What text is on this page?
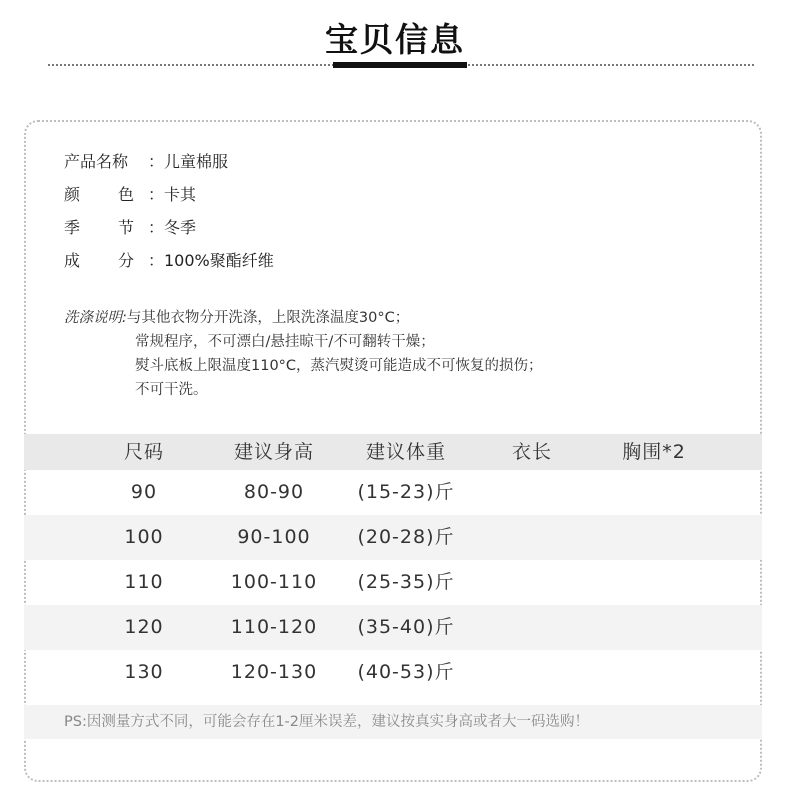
宝贝信息
产品名称	： 儿童棉服
颜 色 ： 卡其
季 节 ： 冬季
成 分 ： 100%聚酯纤维
洗涤说明:与其他衣物分开洗涤，上限洗涤温度30°C；
常规程序，不可漂白/悬挂晾干/不可翻转干燥；
熨斗底板上限温度110°C，蒸汽熨烫可能造成不可恢复的损伤；
不可干洗。
尺码	建议身高	建议体重	衣长	胸围*2
90	80-90	(15-23)斤
100	90-100	(20-28)斤
110	100-110	(25-35)斤
120	110-120	(35-40)斤
130	120-130	(40-53)斤
PS:因测量方式不同，可能会存在1-2厘米误差，建议按真实身高或者大一码选购！
